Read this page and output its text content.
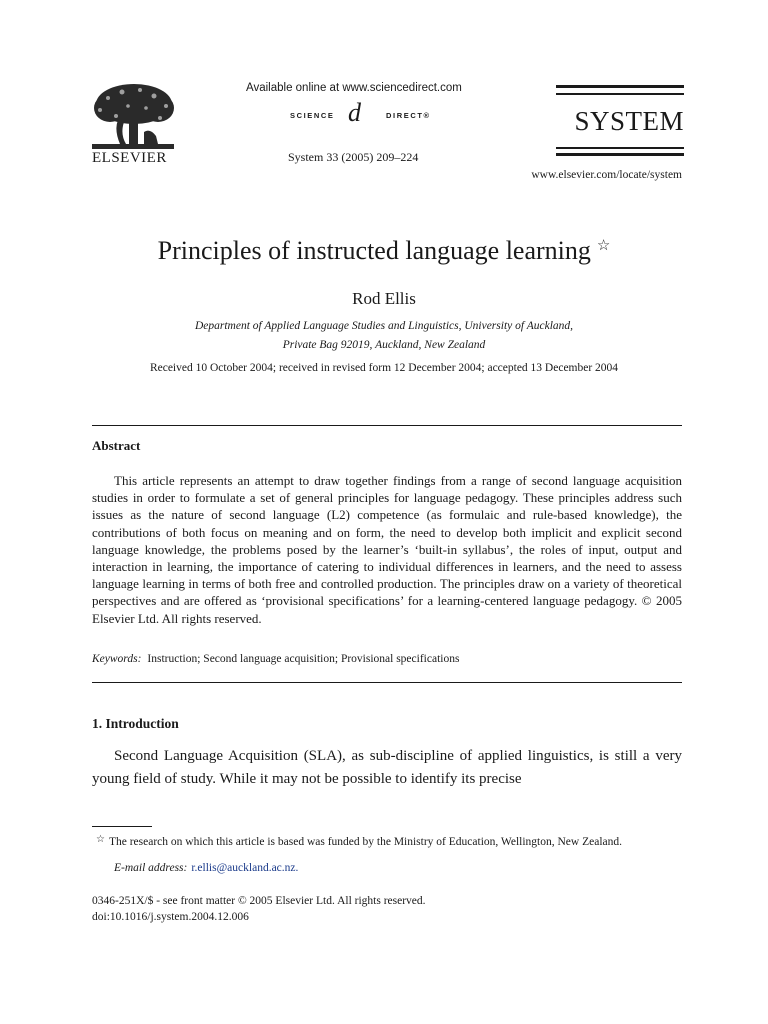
ELSEVIER
Available online at www.sciencedirect.com
SCIENCE d	DIRECT®
System 33 (2005) 209–224
SYSTEM
www.elsevier.com/locate/system
Principles of instructed language learning ☆
Rod Ellis
Department of Applied Language Studies and Linguistics, University of Auckland,
Private Bag 92019, Auckland, New Zealand
Received 10 October 2004; received in revised form 12 December 2004; accepted 13 December 2004
Abstract
This article represents an attempt to draw together findings from a range of second language acquisition studies in order to formulate a set of general principles for language pedagogy. These principles address such issues as the nature of second language (L2) competence (as formulaic and rule-based knowledge), the contributions of both focus on meaning and on form, the need to develop both implicit and explicit second language knowledge, the problems posed by the learner’s ‘built-in syllabus’, the roles of input, output and interaction in learning, the importance of catering to individual differences in learners, and the need to assess language learning in terms of both free and controlled production. The principles draw on a variety of theoretical perspectives and are offered as ‘provisional specifications’ for a learning-centered language pedagogy. © 2005 Elsevier Ltd. All rights reserved.
Keywords: Instruction; Second language acquisition; Provisional specifications
1. Introduction
Second Language Acquisition (SLA), as sub-discipline of applied linguistics, is still a very young field of study. While it may not be possible to identify its precise
☆ The research on which this article is based was funded by the Ministry of Education, Wellington, New Zealand.
E-mail address: r.ellis@auckland.ac.nz.
0346-251X/$ - see front matter © 2005 Elsevier Ltd. All rights reserved.
doi:10.1016/j.system.2004.12.006
